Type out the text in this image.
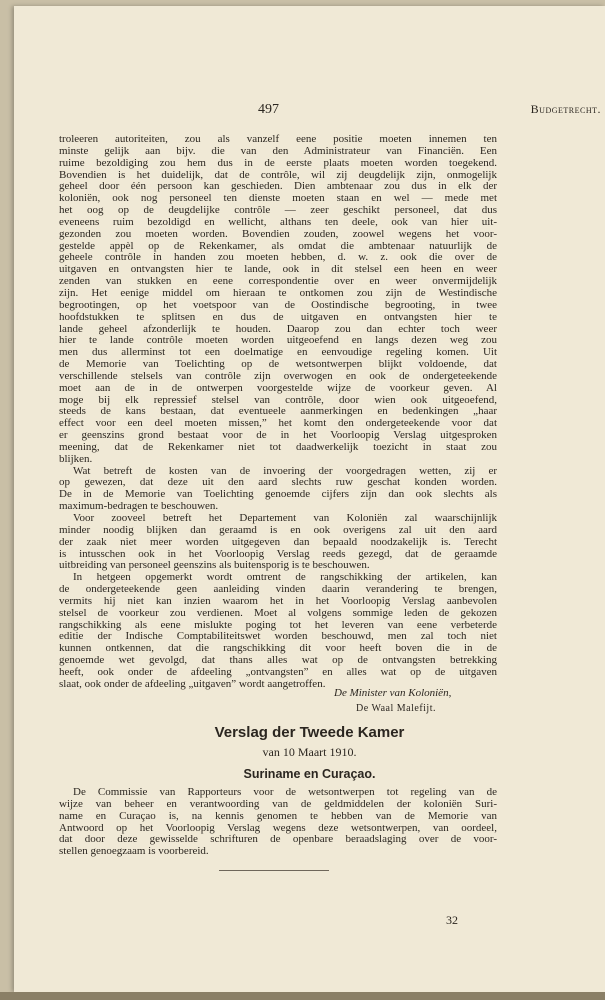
497	Budgetrecht.
troleeren autoriteiten, zou als vanzelf eene positie moeten innemen ten
minste gelijk aan bijv. die van den Administrateur van Financiën. Een
ruime bezoldiging zou hem dus in de eerste plaats moeten worden toegekend.
Bovendien is het duidelijk, dat de contrôle, wil zij deugdelijk zijn, onmogelijk
geheel door één persoon kan geschieden. Dien ambtenaar zou dus in elk der
koloniën, ook nog personeel ten dienste moeten staan en wel — mede met
het oog op de deugdelijke contrôle — zeer geschikt personeel, dat dus
eveneens ruim bezoldigd en wellicht, althans ten deele, ook van hier uit-
gezonden zou moeten worden. Bovendien zouden, zoowel wegens het voor-
gestelde appèl op de Rekenkamer, als omdat die ambtenaar natuurlijk de
geheele contrôle in handen zou moeten hebben, d. w. z. ook die over de
uitgaven en ontvangsten hier te lande, ook in dit stelsel een heen en weer
zenden van stukken en eene correspondentie over en weer onvermijdelijk
zijn. Het eenige middel om hieraan te ontkomen zou zijn de Westindische
begrootingen, op het voetspoor van de Oostindische begrooting, in twee
hoofdstukken te splitsen en dus de uitgaven en ontvangsten hier te
lande geheel afzonderlijk te houden. Daarop zou dan echter toch weer
hier te lande contrôle moeten worden uitgeoefend en langs dezen weg zou
men dus allerminst tot een doelmatige en eenvoudige regeling komen. Uit
de Memorie van Toelichting op de wetsontwerpen blijkt voldoende, dat
verschillende stelsels van contrôle zijn overwogen en ook de ondergeteekende
moet aan de in de ontwerpen voorgestelde wijze de voorkeur geven. Al
moge bij elk repressief stelsel van contrôle, door wien ook uitgeoefend,
steeds de kans bestaan, dat eventueele aanmerkingen en bedenkingen „haar
effect voor een deel moeten missen,” het komt den ondergeteekende voor dat
er geenszins grond bestaat voor de in het Voorloopig Verslag uitgesproken
meening, dat de Rekenkamer niet tot daadwerkelijk toezicht in staat zou
blijken.
Wat betreft de kosten van de invoering der voorgedragen wetten, zij er
op gewezen, dat deze uit den aard slechts ruw geschat konden worden.
De in de Memorie van Toelichting genoemde cijfers zijn dan ook slechts als
maximum-bedragen te beschouwen.
Voor zooveel betreft het Departement van Koloniën zal waarschijnlijk
minder noodig blijken dan geraamd is en ook overigens zal uit den aard
der zaak niet meer worden uitgegeven dan bepaald noodzakelijk is. Terecht
is intusschen ook in het Voorloopig Verslag reeds gezegd, dat de geraamde
uitbreiding van personeel geenszins als buitensporig is te beschouwen.
In hetgeen opgemerkt wordt omtrent de rangschikking der artikelen, kan
de ondergeteekende geen aanleiding vinden daarin verandering te brengen,
vermits hij niet kan inzien waarom het in het Voorloopig Verslag aanbevolen
stelsel de voorkeur zou verdienen. Moet al volgens sommige leden de gekozen
rangschikking als eene mislukte poging tot het leveren van eene verbeterde
editie der Indische Comptabiliteitswet worden beschouwd, men zal toch niet
kunnen ontkennen, dat die rangschikking dit voor heeft boven die in de
genoemde wet gevolgd, dat thans alles wat op de ontvangsten betrekking
heeft, ook onder de afdeeling „ontvangsten” en alles wat op de uitgaven
slaat, ook onder de afdeeling „uitgaven” wordt aangetroffen.
De Minister van Koloniën,
De Waal Malefijt.
Verslag der Tweede Kamer
van 10 Maart 1910.
Suriname en Curaçao.
De Commissie van Rapporteurs voor de wetsontwerpen tot regeling van de
wijze van beheer en verantwoording van de geldmiddelen der koloniën Suri-
name en Curaçao is, na kennis genomen te hebben van de Memorie van
Antwoord op het Voorloopig Verslag wegens deze wetsontwerpen, van oordeel,
dat door deze gewisselde schrifturen de openbare beraadslaging over de voor-
stellen genoegzaam is voorbereid.
32
